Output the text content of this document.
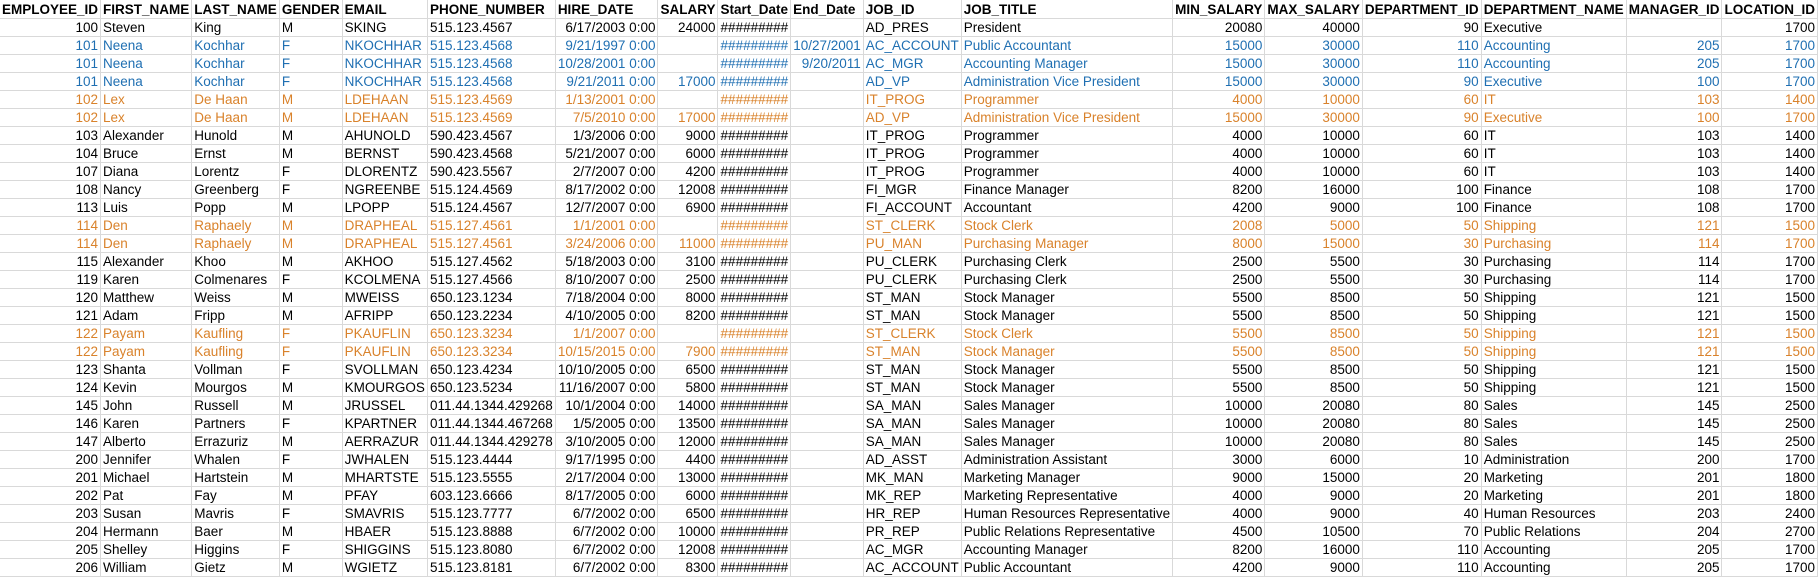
EMPLOYEE_ID	FIRST_NAME	LAST_NAME	GENDER	EMAIL	PHONE_NUMBER	HIRE_DATE	SALARY	Start_Date	End_Date	JOB_ID	JOB_TITLE	MIN_SALARY	MAX_SALARY	DEPARTMENT_ID	DEPARTMENT_NAME	MANAGER_ID	LOCATION_ID
100	Steven	King	M	SKING	515.123.4567	6/17/2003 0:00	24000	#########		AD_PRES	President	20080	40000	90	Executive		1700
101	Neena	Kochhar	F	NKOCHHAR	515.123.4568	9/21/1997 0:00		#########	10/27/2001	AC_ACCOUNT	Public Accountant	15000	30000	110	Accounting	205	1700
101	Neena	Kochhar	F	NKOCHHAR	515.123.4568	10/28/2001 0:00		#########	9/20/2011	AC_MGR	Accounting Manager	15000	30000	110	Accounting	205	1700
101	Neena	Kochhar	F	NKOCHHAR	515.123.4568	9/21/2011 0:00	17000	#########		AD_VP	Administration Vice President	15000	30000	90	Executive	100	1700
102	Lex	De Haan	M	LDEHAAN	515.123.4569	1/13/2001 0:00		#########		IT_PROG	Programmer	4000	10000	60	IT	103	1400
102	Lex	De Haan	M	LDEHAAN	515.123.4569	7/5/2010 0:00	17000	#########		AD_VP	Administration Vice President	15000	30000	90	Executive	100	1700
103	Alexander	Hunold	M	AHUNOLD	590.423.4567	1/3/2006 0:00	9000	#########		IT_PROG	Programmer	4000	10000	60	IT	103	1400
104	Bruce	Ernst	M	BERNST	590.423.4568	5/21/2007 0:00	6000	#########		IT_PROG	Programmer	4000	10000	60	IT	103	1400
107	Diana	Lorentz	F	DLORENTZ	590.423.5567	2/7/2007 0:00	4200	#########		IT_PROG	Programmer	4000	10000	60	IT	103	1400
108	Nancy	Greenberg	F	NGREENBE	515.124.4569	8/17/2002 0:00	12008	#########		FI_MGR	Finance Manager	8200	16000	100	Finance	108	1700
113	Luis	Popp	M	LPOPP	515.124.4567	12/7/2007 0:00	6900	#########		FI_ACCOUNT	Accountant	4200	9000	100	Finance	108	1700
114	Den	Raphaely	M	DRAPHEAL	515.127.4561	1/1/2001 0:00		#########		ST_CLERK	Stock Clerk	2008	5000	50	Shipping	121	1500
114	Den	Raphaely	M	DRAPHEAL	515.127.4561	3/24/2006 0:00	11000	#########		PU_MAN	Purchasing Manager	8000	15000	30	Purchasing	114	1700
115	Alexander	Khoo	M	AKHOO	515.127.4562	5/18/2003 0:00	3100	#########		PU_CLERK	Purchasing Clerk	2500	5500	30	Purchasing	114	1700
119	Karen	Colmenares	F	KCOLMENA	515.127.4566	8/10/2007 0:00	2500	#########		PU_CLERK	Purchasing Clerk	2500	5500	30	Purchasing	114	1700
120	Matthew	Weiss	M	MWEISS	650.123.1234	7/18/2004 0:00	8000	#########		ST_MAN	Stock Manager	5500	8500	50	Shipping	121	1500
121	Adam	Fripp	M	AFRIPP	650.123.2234	4/10/2005 0:00	8200	#########		ST_MAN	Stock Manager	5500	8500	50	Shipping	121	1500
122	Payam	Kaufling	F	PKAUFLIN	650.123.3234	1/1/2007 0:00		#########		ST_CLERK	Stock Clerk	5500	8500	50	Shipping	121	1500
122	Payam	Kaufling	F	PKAUFLIN	650.123.3234	10/15/2015 0:00	7900	#########		ST_MAN	Stock Manager	5500	8500	50	Shipping	121	1500
123	Shanta	Vollman	F	SVOLLMAN	650.123.4234	10/10/2005 0:00	6500	#########		ST_MAN	Stock Manager	5500	8500	50	Shipping	121	1500
124	Kevin	Mourgos	M	KMOURGOS	650.123.5234	11/16/2007 0:00	5800	#########		ST_MAN	Stock Manager	5500	8500	50	Shipping	121	1500
145	John	Russell	M	JRUSSEL	011.44.1344.429268	10/1/2004 0:00	14000	#########		SA_MAN	Sales Manager	10000	20080	80	Sales	145	2500
146	Karen	Partners	F	KPARTNER	011.44.1344.467268	1/5/2005 0:00	13500	#########		SA_MAN	Sales Manager	10000	20080	80	Sales	145	2500
147	Alberto	Errazuriz	M	AERRAZUR	011.44.1344.429278	3/10/2005 0:00	12000	#########		SA_MAN	Sales Manager	10000	20080	80	Sales	145	2500
200	Jennifer	Whalen	F	JWHALEN	515.123.4444	9/17/1995 0:00	4400	#########		AD_ASST	Administration Assistant	3000	6000	10	Administration	200	1700
201	Michael	Hartstein	M	MHARTSTE	515.123.5555	2/17/2004 0:00	13000	#########		MK_MAN	Marketing Manager	9000	15000	20	Marketing	201	1800
202	Pat	Fay	M	PFAY	603.123.6666	8/17/2005 0:00	6000	#########		MK_REP	Marketing Representative	4000	9000	20	Marketing	201	1800
203	Susan	Mavris	F	SMAVRIS	515.123.7777	6/7/2002 0:00	6500	#########		HR_REP	Human Resources Representative	4000	9000	40	Human Resources	203	2400
204	Hermann	Baer	M	HBAER	515.123.8888	6/7/2002 0:00	10000	#########		PR_REP	Public Relations Representative	4500	10500	70	Public Relations	204	2700
205	Shelley	Higgins	F	SHIGGINS	515.123.8080	6/7/2002 0:00	12008	#########		AC_MGR	Accounting Manager	8200	16000	110	Accounting	205	1700
206	William	Gietz	M	WGIETZ	515.123.8181	6/7/2002 0:00	8300	#########		AC_ACCOUNT	Public Accountant	4200	9000	110	Accounting	205	1700
